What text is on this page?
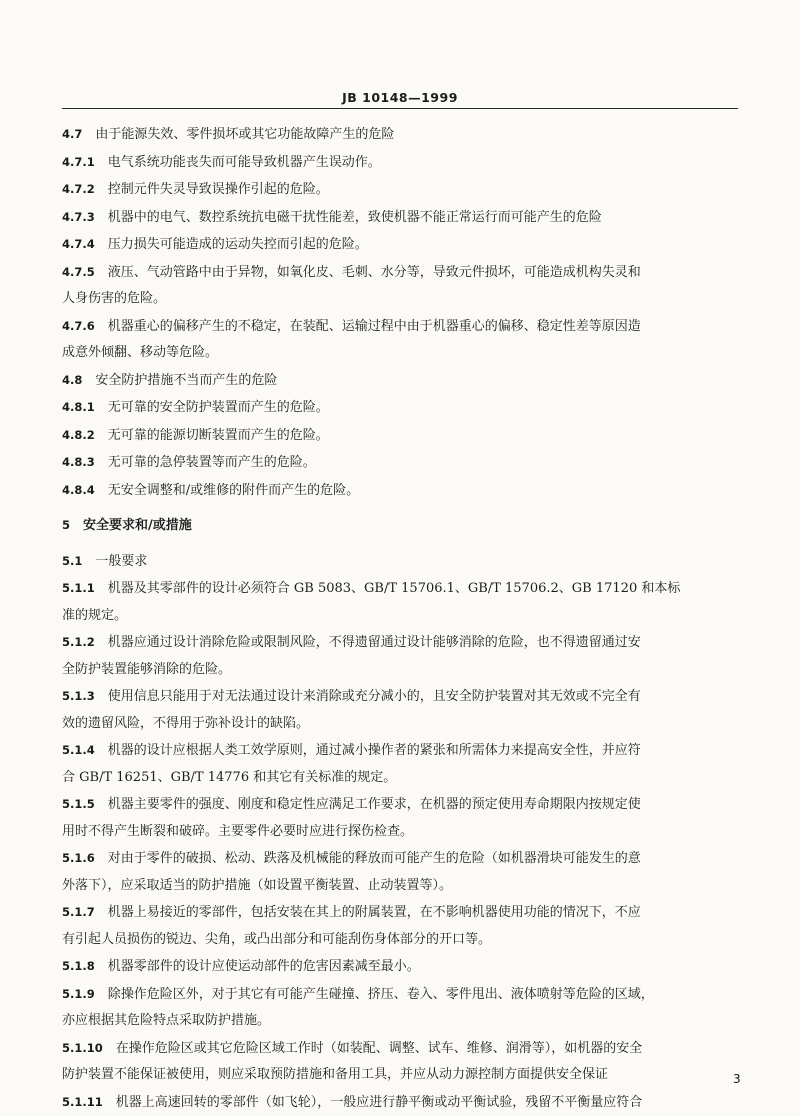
JB 10148—1999

4.7  由于能源失效、零件损坏或其它功能故障产生的危险

4.7.1  电气系统功能丧失而可能导致机器产生误动作。

4.7.2  控制元件失灵导致误操作引起的危险。

4.7.3  机器中的电气、数控系统抗电磁干扰性能差，致使机器不能正常运行而可能产生的危险

4.7.4  压力损失可能造成的运动失控而引起的危险。

4.7.5  液压、气动管路中由于异物，如氧化皮、毛刺、水分等，导致元件损坏，可能造成机构失灵和

人身伤害的危险。

4.7.6  机器重心的偏移产生的不稳定，在装配、运输过程中由于机器重心的偏移、稳定性差等原因造

成意外倾翻、移动等危险。

4.8  安全防护措施不当而产生的危险

4.8.1  无可靠的安全防护装置而产生的危险。

4.8.2  无可靠的能源切断装置而产生的危险。

4.8.3  无可靠的急停装置等而产生的危险。

4.8.4  无安全调整和/或维修的附件而产生的危险。

5  安全要求和/或措施

5.1  一般要求

5.1.1  机器及其零部件的设计必须符合 GB 5083、GB/T 15706.1、GB/T 15706.2、GB 17120 和本标

准的规定。

5.1.2  机器应通过设计消除危险或限制风险，不得遗留通过设计能够消除的危险，也不得遗留通过安

全防护装置能够消除的危险。

5.1.3  使用信息只能用于对无法通过设计来消除或充分减小的，且安全防护装置对其无效或不完全有

效的遗留风险，不得用于弥补设计的缺陷。

5.1.4  机器的设计应根据人类工效学原则，通过减小操作者的紧张和所需体力来提高安全性，并应符

合 GB/T 16251、GB/T 14776 和其它有关标准的规定。

5.1.5  机器主要零件的强度、刚度和稳定性应满足工作要求，在机器的预定使用寿命期限内按规定使

用时不得产生断裂和破碎。主要零件必要时应进行探伤检查。

5.1.6  对由于零件的破损、松动、跌落及机械能的释放而可能产生的危险（如机器滑块可能发生的意

外落下），应采取适当的防护措施（如设置平衡装置、止动装置等）。

5.1.7  机器上易接近的零部件，包括安装在其上的附属装置，在不影响机器使用功能的情况下，不应

有引起人员损伤的锐边、尖角，或凸出部分和可能刮伤身体部分的开口等。

5.1.8  机器零部件的设计应使运动部件的危害因素减至最小。

5.1.9  除操作危险区外，对于其它有可能产生碰撞、挤压、卷入、零件甩出、液体喷射等危险的区域，

亦应根据其危险特点采取防护措施。

5.1.10  在操作危险区或其它危险区域工作时（如装配、调整、试车、维修、润滑等），如机器的安全

防护装置不能保证被使用，则应采取预防措施和备用工具，并应从动力源控制方面提供安全保证

5.1.11  机器上高速回转的零部件（如飞轮），一般应进行静平衡或动平衡试验，残留不平衡量应符合

3
